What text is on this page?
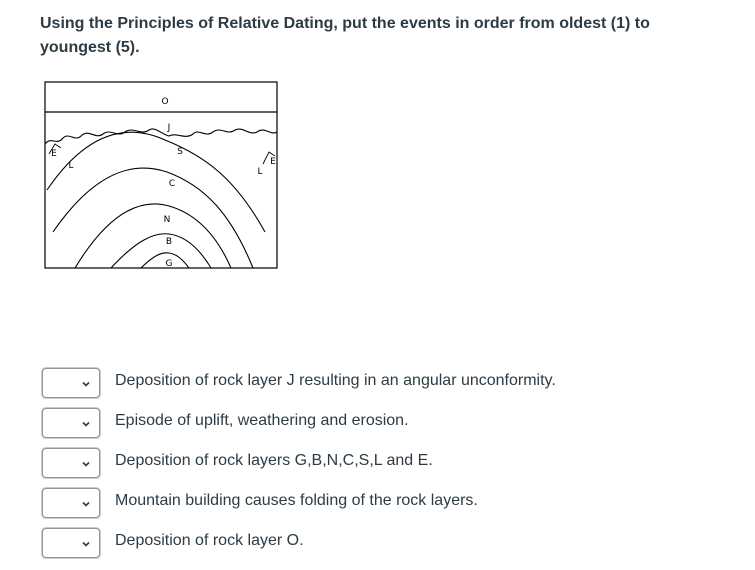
Using the Principles of Relative Dating, put the events in order from oldest (1) to youngest (5).
O
J
S
C
N
B
G
L
L
E
E
Deposition of rock layer J resulting in an angular unconformity.
Episode of uplift, weathering and erosion.
Deposition of rock layers G,B,N,C,S,L and E.
Mountain building causes folding of the rock layers.
Deposition of rock layer O.
